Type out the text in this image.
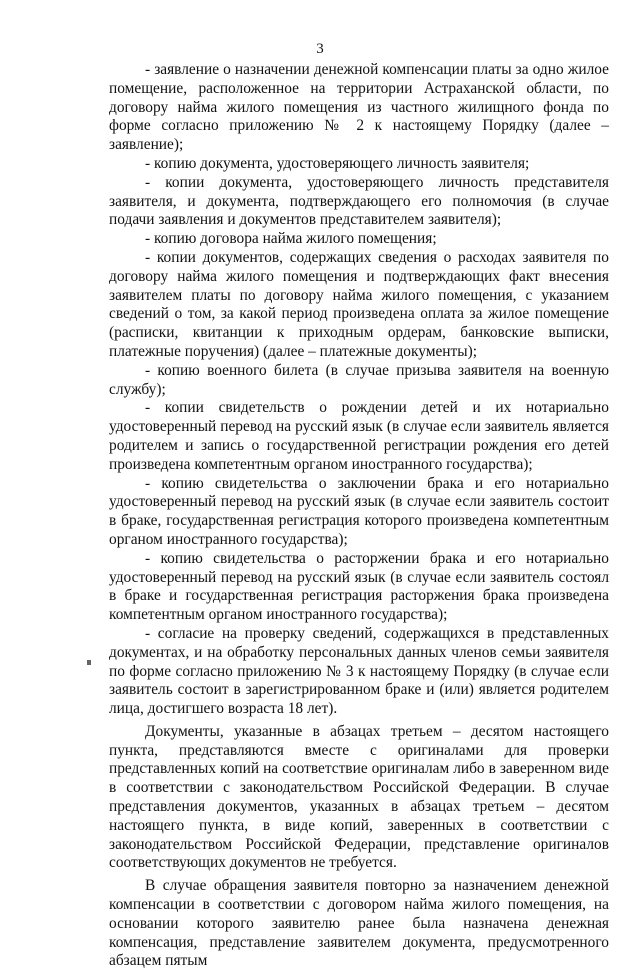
3

- заявление о назначении денежной компенсации платы за одно жилое помещение, расположенное на территории Астраханской области, по договору найма жилого помещения из частного жилищного фонда по форме согласно приложению № 2 к настоящему Порядку (далее – заявление);

- копию документа, удостоверяющего личность заявителя;

- копии документа, удостоверяющего личность представителя заявителя, и документа, подтверждающего его полномочия (в случае подачи заявления и документов представителем заявителя);

- копию договора найма жилого помещения;

- копии документов, содержащих сведения о расходах заявителя по договору найма жилого помещения и подтверждающих факт внесения заявителем платы по договору найма жилого помещения, с указанием сведений о том, за какой период произведена оплата за жилое помещение (расписки, квитанции к приходным ордерам, банковские выписки, платежные поручения) (далее – платежные документы);

- копию военного билета (в случае призыва заявителя на военную службу);

- копии свидетельств о рождении детей и их нотариально удостоверенный перевод на русский язык (в случае если заявитель является родителем и запись о государственной регистрации рождения его детей произведена компетентным органом иностранного государства);

- копию свидетельства о заключении брака и его нотариально удостоверенный перевод на русский язык (в случае если заявитель состоит в браке, государственная регистрация которого произведена компетентным органом иностранного государства);

- копию свидетельства о расторжении брака и его нотариально удостоверенный перевод на русский язык (в случае если заявитель состоял в браке и государственная регистрация расторжения брака произведена компетентным органом иностранного государства);

- согласие на проверку сведений, содержащихся в представленных документах, и на обработку персональных данных членов семьи заявителя по форме согласно приложению № 3 к настоящему Порядку (в случае если заявитель состоит в зарегистрированном браке и (или) является родителем лица, достигшего возраста 18 лет).

Документы, указанные в абзацах третьем – десятом настоящего пункта, представляются вместе с оригиналами для проверки представленных копий на соответствие оригиналам либо в заверенном виде в соответствии с законодательством Российской Федерации. В случае представления документов, указанных в абзацах третьем – десятом настоящего пункта, в виде копий, заверенных в соответствии с законодательством Российской Федерации, представление оригиналов соответствующих документов не требуется.

В случае обращения заявителя повторно за назначением денежной компенсации в соответствии с договором найма жилого помещения, на основании которого заявителю ранее была назначена денежная компенсация, представление заявителем документа, предусмотренного абзацем пятым
